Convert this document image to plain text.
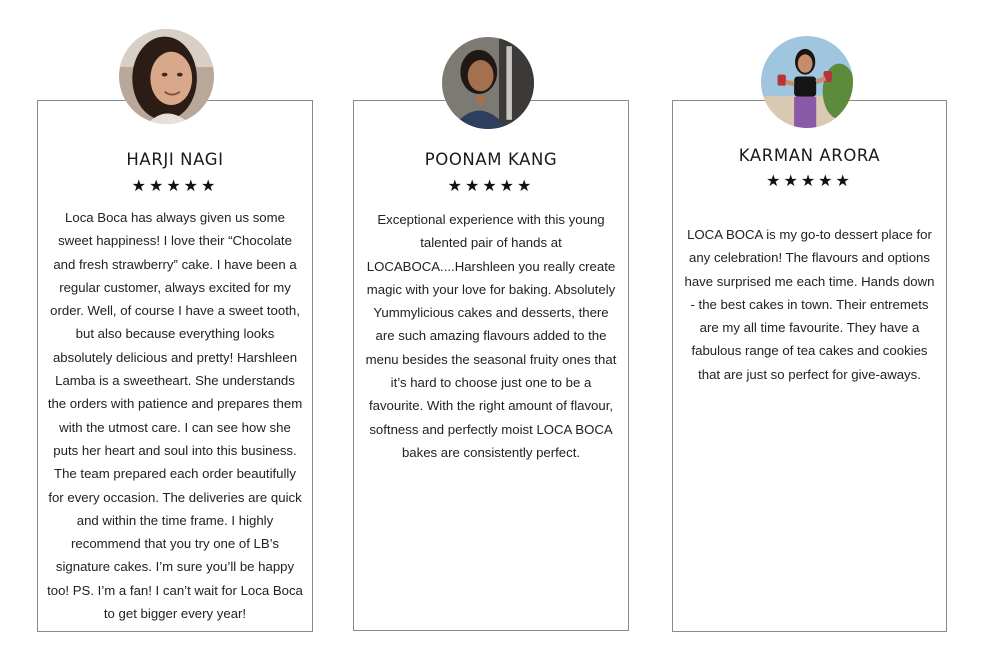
HARJI NAGI
★★★★★

Loca Boca has always given us some sweet happiness! I love their “Chocolate and fresh strawberry” cake. I have been a regular customer, always excited for my order. Well, of course I have a sweet tooth, but also because everything looks absolutely delicious and pretty! Harshleen Lamba is a sweetheart. She understands the orders with patience and prepares them with the utmost care. I can see how she puts her heart and soul into this business. The team prepared each order beautifully for every occasion. The deliveries are quick and within the time frame. I highly recommend that you try one of LB’s signature cakes. I’m sure you’ll be happy too! PS. I’m a fan! I can’t wait for Loca Boca to get bigger every year!

POONAM KANG
★★★★★

Exceptional experience with this young talented pair of hands at LOCABOCA....Harshleen you really create magic with your love for baking. Absolutely Yummylicious cakes and desserts, there are such amazing flavours added to the menu besides the seasonal fruity ones that it’s hard to choose just one to be a favourite. With the right amount of flavour, softness and perfectly moist LOCA BOCA bakes are consistently perfect.

KARMAN ARORA
★★★★★

LOCA BOCA is my go-to dessert place for any celebration! The flavours and options have surprised me each time. Hands down - the best cakes in town. Their entremets are my all time favourite. They have a fabulous range of tea cakes and cookies that are just so perfect for give-aways.
